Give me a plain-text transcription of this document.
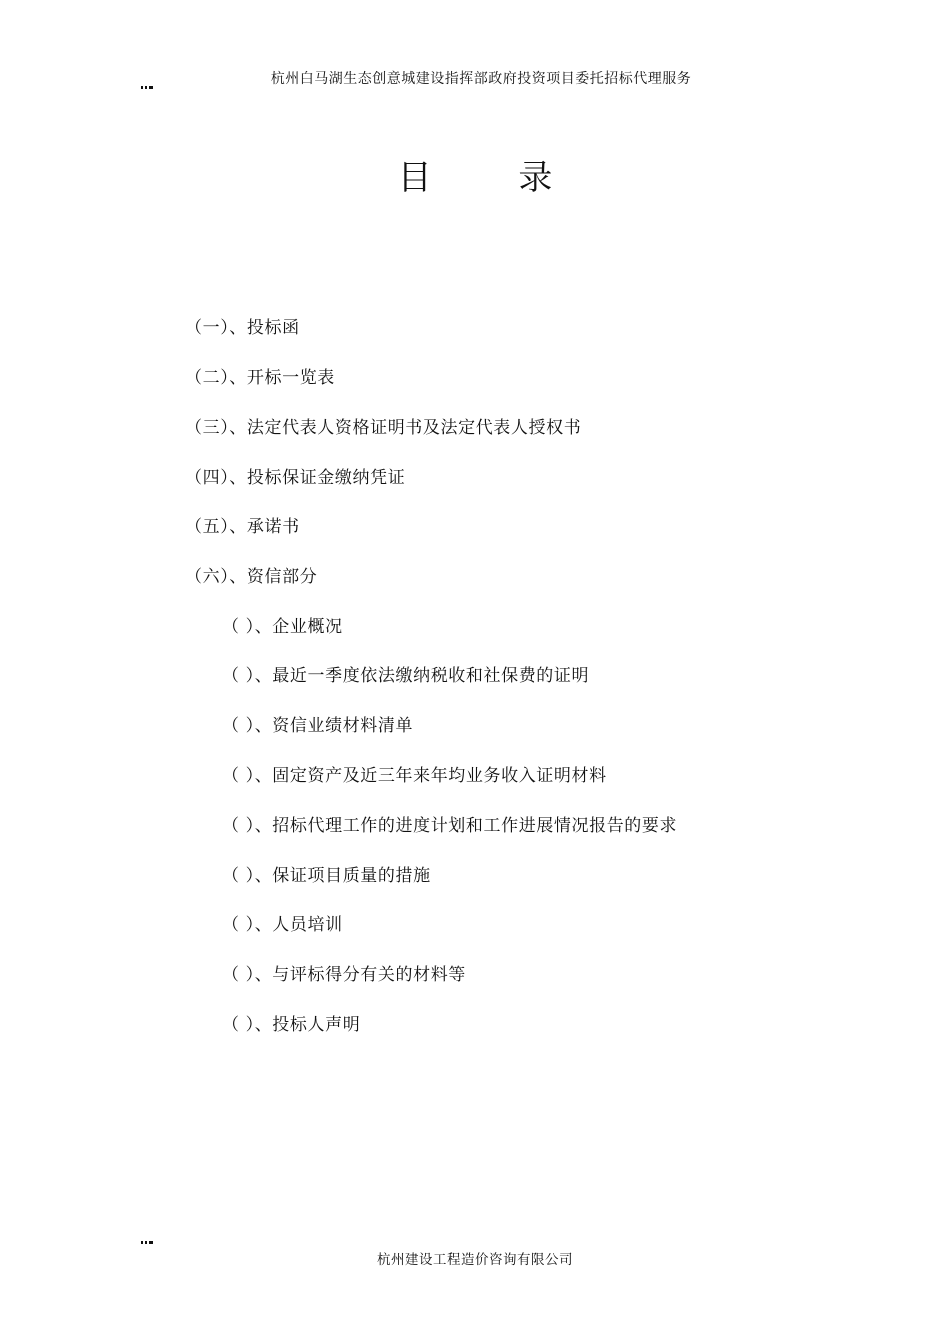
杭州白马湖生态创意城建设指挥部政府投资项目委托招标代理服务
目 录
（一）、投标函
（二）、开标一览表
（三）、法定代表人资格证明书及法定代表人授权书
（四）、投标保证金缴纳凭证
（五）、承诺书
（六）、资信部分
（ ）、企业概况
（ ）、最近一季度依法缴纳税收和社保费的证明
（ ）、资信业绩材料清单
（ ）、固定资产及近三年来年均业务收入证明材料
（ ）、招标代理工作的进度计划和工作进展情况报告的要求
（ ）、保证项目质量的措施
（ ）、人员培训
（ ）、与评标得分有关的材料等
（ ）、投标人声明
杭州建设工程造价咨询有限公司
